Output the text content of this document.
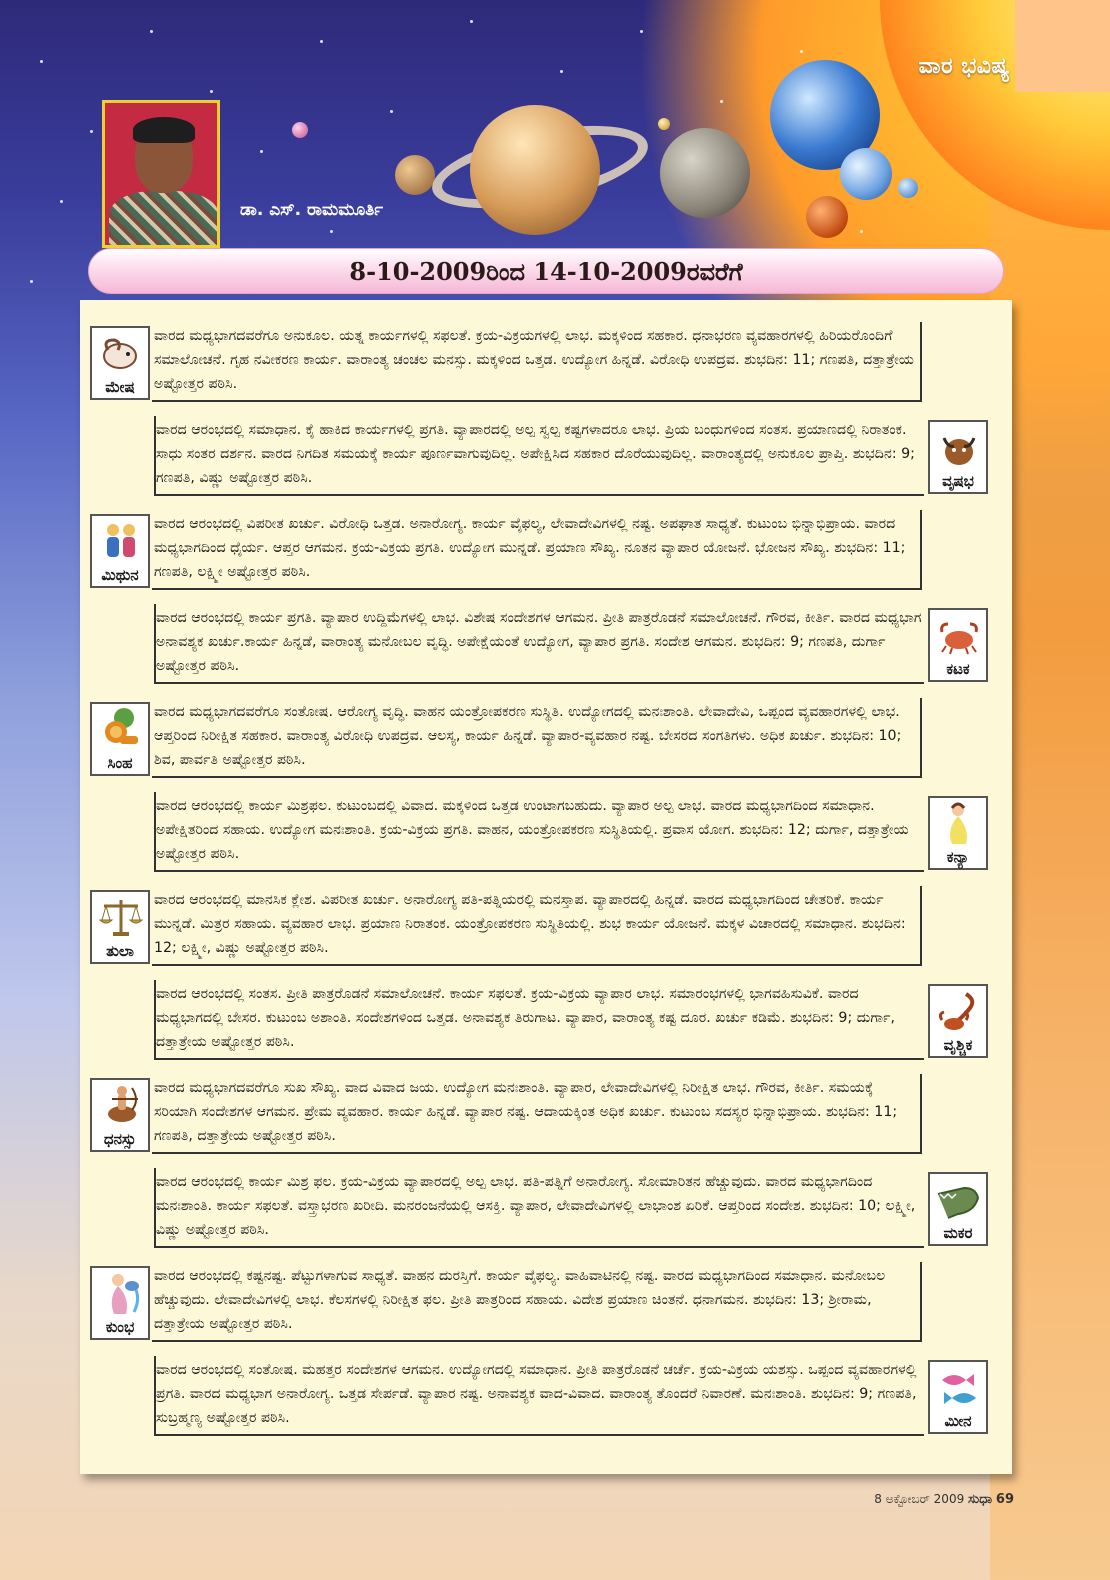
ವಾರ ಭವಿಷ್ಯ
ಡಾ. ಎಸ್. ರಾಮಮೂರ್ತಿ
8-10-2009ರಿಂದ 14-10-2009ರವರೆಗೆ
ಮೇಷ
ವಾರದ ಮಧ್ಯಭಾಗದವರೆಗೂ ಅನುಕೂಲ. ಯತ್ನ ಕಾರ್ಯಗಳಲ್ಲಿ ಸಫಲತೆ. ಕ್ರಯ-ವಿಕ್ರಯಗಳಲ್ಲಿ ಲಾಭ. ಮಕ್ಕಳಿಂದ ಸಹಕಾರ. ಧನಾಭರಣ ವ್ಯವಹಾರಗಳಲ್ಲಿ ಹಿರಿಯರೊಂದಿಗೆ ಸಮಾಲೋಚನೆ. ಗೃಹ ನವೀಕರಣ ಕಾರ್ಯ. ವಾರಾಂತ್ಯ ಚಂಚಲ ಮನಸ್ಸು. ಮಕ್ಕಳಿಂದ ಒತ್ತಡ. ಉದ್ಯೋಗ ಹಿನ್ನಡೆ. ವಿರೋಧಿ ಉಪದ್ರವ. ಶುಭದಿನ: 11; ಗಣಪತಿ, ದತ್ತಾತ್ರೇಯ ಅಷ್ಟೋತ್ತರ ಪಠಿಸಿ.
ವಾರದ ಆರಂಭದಲ್ಲಿ ಸಮಾಧಾನ. ಕೈ ಹಾಕಿದ ಕಾರ್ಯಗಳಲ್ಲಿ ಪ್ರಗತಿ. ವ್ಯಾಪಾರದಲ್ಲಿ ಅಲ್ಪ ಸ್ವಲ್ಪ ಕಷ್ಟಗಳಾದರೂ ಲಾಭ. ಪ್ರಿಯ ಬಂಧುಗಳಿಂದ ಸಂತಸ. ಪ್ರಯಾಣದಲ್ಲಿ ನಿರಾತಂಕ. ಸಾಧು ಸಂತರ ದರ್ಶನ. ವಾರದ ನಿಗದಿತ ಸಮಯಕ್ಕೆ ಕಾರ್ಯ ಪೂರ್ಣವಾಗುವುದಿಲ್ಲ. ಅಪೇಕ್ಷಿಸಿದ ಸಹಕಾರ ದೊರೆಯುವುದಿಲ್ಲ. ವಾರಾಂತ್ಯದಲ್ಲಿ ಅನುಕೂಲ ಪ್ರಾಪ್ತಿ. ಶುಭದಿನ: 9; ಗಣಪತಿ, ವಿಷ್ಣು ಅಷ್ಟೋತ್ತರ ಪಠಿಸಿ.	ವೃಷಭ
ಮಿಥುನ
ವಾರದ ಆರಂಭದಲ್ಲಿ ವಿಪರೀತ ಖರ್ಚು. ವಿರೋಧಿ ಒತ್ತಡ. ಅನಾರೋಗ್ಯ. ಕಾರ್ಯ ವೈಫಲ್ಯ, ಲೇವಾದೇವಿಗಳಲ್ಲಿ ನಷ್ಟ. ಅಪಘಾತ ಸಾಧ್ಯತೆ. ಕುಟುಂಬ ಭಿನ್ನಾಭಿಪ್ರಾಯ. ವಾರದ ಮಧ್ಯಭಾಗದಿಂದ ಧೈರ್ಯ. ಆಪ್ತರ ಆಗಮನ. ಕ್ರಯ-ವಿಕ್ರಯ ಪ್ರಗತಿ. ಉದ್ಯೋಗ ಮುನ್ನಡೆ. ಪ್ರಯಾಣ ಸೌಖ್ಯ. ನೂತನ ವ್ಯಾಪಾರ ಯೋಜನೆ. ಭೋಜನ ಸೌಖ್ಯ. ಶುಭದಿನ: 11; ಗಣಪತಿ, ಲಕ್ಷ್ಮೀ ಅಷ್ಟೋತ್ತರ ಪಠಿಸಿ.
ವಾರದ ಆರಂಭದಲ್ಲಿ ಕಾರ್ಯ ಪ್ರಗತಿ. ವ್ಯಾಪಾರ ಉದ್ದಿಮೆಗಳಲ್ಲಿ ಲಾಭ. ವಿಶೇಷ ಸಂದೇಶಗಳ ಆಗಮನ. ಪ್ರೀತಿ ಪಾತ್ರರೊಡನೆ ಸಮಾಲೋಚನೆ. ಗೌರವ, ಕೀರ್ತಿ. ವಾರದ ಮಧ್ಯಭಾಗ ಅನಾವಶ್ಯಕ ಖರ್ಚು.ಕಾರ್ಯ ಹಿನ್ನಡೆ, ವಾರಾಂತ್ಯ ಮನೋಬಲ ವೃದ್ಧಿ. ಅಪೇಕ್ಷೆಯಂತೆ ಉದ್ಯೋಗ, ವ್ಯಾಪಾರ ಪ್ರಗತಿ. ಸಂದೇಶ ಆಗಮನ. ಶುಭದಿನ: 9; ಗಣಪತಿ, ದುರ್ಗಾ ಅಷ್ಟೋತ್ತರ ಪಠಿಸಿ.	ಕಟಕ
ಸಿಂಹ
ವಾರದ ಮಧ್ಯಭಾಗದವರೆಗೂ ಸಂತೋಷ. ಆರೋಗ್ಯ ವೃದ್ಧಿ. ವಾಹನ ಯಂತ್ರೋಪಕರಣ ಸುಸ್ಥಿತಿ. ಉದ್ಯೋಗದಲ್ಲಿ ಮನಃಶಾಂತಿ. ಲೇವಾದೇವಿ, ಒಪ್ಪಂದ ವ್ಯವಹಾರಗಳಲ್ಲಿ ಲಾಭ. ಆಪ್ತರಿಂದ ನಿರೀಕ್ಷಿತ ಸಹಕಾರ. ವಾರಾಂತ್ಯ ವಿರೋಧಿ ಉಪದ್ರವ. ಆಲಸ್ಯ, ಕಾರ್ಯ ಹಿನ್ನಡೆ. ವ್ಯಾಪಾರ-ವ್ಯವಹಾರ ನಷ್ಟ. ಬೇಸರದ ಸಂಗತಿಗಳು. ಅಧಿಕ ಖರ್ಚು. ಶುಭದಿನ: 10; ಶಿವ, ಪಾರ್ವತಿ ಅಷ್ಟೋತ್ತರ ಪಠಿಸಿ.
ವಾರದ ಆರಂಭದಲ್ಲಿ ಕಾರ್ಯ ಮಿಶ್ರಫಲ. ಕುಟುಂಬದಲ್ಲಿ ವಿವಾದ. ಮಕ್ಕಳಿಂದ ಒತ್ತಡ ಉಂಟಾಗಬಹುದು. ವ್ಯಾಪಾರ ಅಲ್ಪ ಲಾಭ. ವಾರದ ಮಧ್ಯಭಾಗದಿಂದ ಸಮಾಧಾನ. ಅಪೇಕ್ಷಿತರಿಂದ ಸಹಾಯ. ಉದ್ಯೋಗ ಮನಃಶಾಂತಿ. ಕ್ರಯ-ವಿಕ್ರಯ ಪ್ರಗತಿ. ವಾಹನ, ಯಂತ್ರೋಪಕರಣ ಸುಸ್ಥಿತಿಯಲ್ಲಿ. ಪ್ರವಾಸ ಯೋಗ. ಶುಭದಿನ: 12; ದುರ್ಗಾ, ದತ್ತಾತ್ರೇಯ ಅಷ್ಟೋತ್ತರ ಪಠಿಸಿ.	ಕನ್ಯಾ
ತುಲಾ
ವಾರದ ಆರಂಭದಲ್ಲಿ ಮಾನಸಿಕ ಕ್ಲೇಶ. ವಿಪರೀತ ಖರ್ಚು. ಅನಾರೋಗ್ಯ ಪತಿ-ಪತ್ನಿಯರಲ್ಲಿ ಮನಸ್ತಾಪ. ವ್ಯಾಪಾರದಲ್ಲಿ ಹಿನ್ನಡೆ. ವಾರದ ಮಧ್ಯಭಾಗದಿಂದ ಚೇತರಿಕೆ. ಕಾರ್ಯ ಮುನ್ನಡೆ. ಮಿತ್ರರ ಸಹಾಯ. ವ್ಯವಹಾರ ಲಾಭ. ಪ್ರಯಾಣ ನಿರಾತಂಕ. ಯಂತ್ರೋಪಕರಣ ಸುಸ್ಥಿತಿಯಲ್ಲಿ. ಶುಭ ಕಾರ್ಯ ಯೋಜನೆ. ಮಕ್ಕಳ ವಿಚಾರದಲ್ಲಿ ಸಮಾಧಾನ. ಶುಭದಿನ: 12; ಲಕ್ಷ್ಮೀ, ವಿಷ್ಣು ಅಷ್ಟೋತ್ತರ ಪಠಿಸಿ.
ವಾರದ ಆರಂಭದಲ್ಲಿ ಸಂತಸ. ಪ್ರೀತಿ ಪಾತ್ರರೊಡನೆ ಸಮಾಲೋಚನೆ. ಕಾರ್ಯ ಸಫಲತೆ. ಕ್ರಯ-ವಿಕ್ರಯ ವ್ಯಾಪಾರ ಲಾಭ. ಸಮಾರಂಭಗಳಲ್ಲಿ ಭಾಗವಹಿಸುವಿಕೆ. ವಾರದ ಮಧ್ಯಭಾಗದಲ್ಲಿ ಬೇಸರ. ಕುಟುಂಬ ಅಶಾಂತಿ. ಸಂದೇಶಗಳಿಂದ ಒತ್ತಡ. ಅನಾವಶ್ಯಕ ತಿರುಗಾಟ. ವ್ಯಾಪಾರ, ವಾರಾಂತ್ಯ ಕಷ್ಟ ದೂರ. ಖರ್ಚು ಕಡಿಮೆ. ಶುಭದಿನ: 9; ದುರ್ಗಾ, ದತ್ತಾತ್ರೇಯ ಅಷ್ಟೋತ್ತರ ಪಠಿಸಿ.	ವೃಶ್ಚಿಕ
ಧನಸ್ಸು
ವಾರದ ಮಧ್ಯಭಾಗದವರೆಗೂ ಸುಖ ಸೌಖ್ಯ. ವಾದ ವಿವಾದ ಜಯ. ಉದ್ಯೋಗ ಮನಃಶಾಂತಿ. ವ್ಯಾಪಾರ, ಲೇವಾದೇವಿಗಳಲ್ಲಿ ನಿರೀಕ್ಷಿತ ಲಾಭ. ಗೌರವ, ಕೀರ್ತಿ. ಸಮಯಕ್ಕೆ ಸರಿಯಾಗಿ ಸಂದೇಶಗಳ ಆಗಮನ. ಪ್ರೇಮ ವ್ಯವಹಾರ. ಕಾರ್ಯ ಹಿನ್ನಡೆ. ವ್ಯಾಪಾರ ನಷ್ಟ. ಆದಾಯಕ್ಕಿಂತ ಅಧಿಕ ಖರ್ಚು. ಕುಟುಂಬ ಸದಸ್ಯರ ಭಿನ್ನಾಭಿಪ್ರಾಯ. ಶುಭದಿನ: 11; ಗಣಪತಿ, ದತ್ತಾತ್ರೇಯ ಅಷ್ಟೋತ್ತರ ಪಠಿಸಿ.
ವಾರದ ಆರಂಭದಲ್ಲಿ ಕಾರ್ಯ ಮಿಶ್ರ ಫಲ. ಕ್ರಯ-ವಿಕ್ರಯ ವ್ಯಾಪಾರದಲ್ಲಿ ಅಲ್ಪ ಲಾಭ. ಪತಿ-ಪತ್ನಿಗೆ ಅನಾರೋಗ್ಯ. ಸೋಮಾರಿತನ ಹೆಚ್ಚುವುದು. ವಾರದ ಮಧ್ಯಭಾಗದಿಂದ ಮನಃಶಾಂತಿ. ಕಾರ್ಯ ಸಫಲತೆ. ವಸ್ತ್ರಾಭರಣ ಖರೀದಿ. ಮನರಂಜನೆಯಲ್ಲಿ ಆಸಕ್ತಿ. ವ್ಯಾಪಾರ, ಲೇವಾದೇವಿಗಳಲ್ಲಿ ಲಾಭಾಂಶ ಏರಿಕೆ. ಆಪ್ತರಿಂದ ಸಂದೇಶ. ಶುಭದಿನ: 10; ಲಕ್ಷ್ಮೀ, ವಿಷ್ಣು ಅಷ್ಟೋತ್ತರ ಪಠಿಸಿ.	ಮಕರ
ಕುಂಭ
ವಾರದ ಆರಂಭದಲ್ಲಿ ಕಷ್ಟನಷ್ಟ. ಪೆಟ್ಟುಗಳಾಗುವ ಸಾಧ್ಯತೆ. ವಾಹನ ದುರಸ್ತಿಗೆ. ಕಾರ್ಯ ವೈಫಲ್ಯ. ವಾಹಿವಾಟಿನಲ್ಲಿ ನಷ್ಟ. ವಾರದ ಮಧ್ಯಭಾಗದಿಂದ ಸಮಾಧಾನ. ಮನೋಬಲ ಹೆಚ್ಚುವುದು. ಲೇವಾದೇವಿಗಳಲ್ಲಿ ಲಾಭ. ಕೆಲಸಗಳಲ್ಲಿ ನಿರೀಕ್ಷಿತ ಫಲ. ಪ್ರೀತಿ ಪಾತ್ರರಿಂದ ಸಹಾಯ. ವಿದೇಶ ಪ್ರಯಾಣ ಚಿಂತನೆ. ಧನಾಗಮನ. ಶುಭದಿನ: 13; ಶ್ರೀರಾಮ, ದತ್ತಾತ್ರೇಯ ಅಷ್ಟೋತ್ತರ ಪಠಿಸಿ.
ವಾರದ ಆರಂಭದಲ್ಲಿ ಸಂತೋಷ. ಮಹತ್ತರ ಸಂದೇಶಗಳ ಆಗಮನ. ಉದ್ಯೋಗದಲ್ಲಿ ಸಮಾಧಾನ. ಪ್ರೀತಿ ಪಾತ್ರರೊಡನೆ ಚರ್ಚೆ. ಕ್ರಯ-ವಿಕ್ರಯ ಯಶಸ್ಸು. ಒಪ್ಪಂದ ವ್ಯವಹಾರಗಳಲ್ಲಿ ಪ್ರಗತಿ. ವಾರದ ಮಧ್ಯಭಾಗ ಅನಾರೋಗ್ಯ. ಒತ್ತಡ ಸೇರ್ಪಡೆ. ವ್ಯಾಪಾರ ನಷ್ಟ. ಅನಾವಶ್ಯಕ ವಾದ-ವಿವಾದ. ವಾರಾಂತ್ಯ ತೊಂದರೆ ನಿವಾರಣೆ. ಮನಃಶಾಂತಿ. ಶುಭದಿನ: 9; ಗಣಪತಿ, ಸುಬ್ರಹ್ಮಣ್ಯ ಅಷ್ಟೋತ್ತರ ಪಠಿಸಿ.	ಮೀನ
8 ಅಕ್ಟೋಬರ್ 2009 ಸುಧಾ 69
